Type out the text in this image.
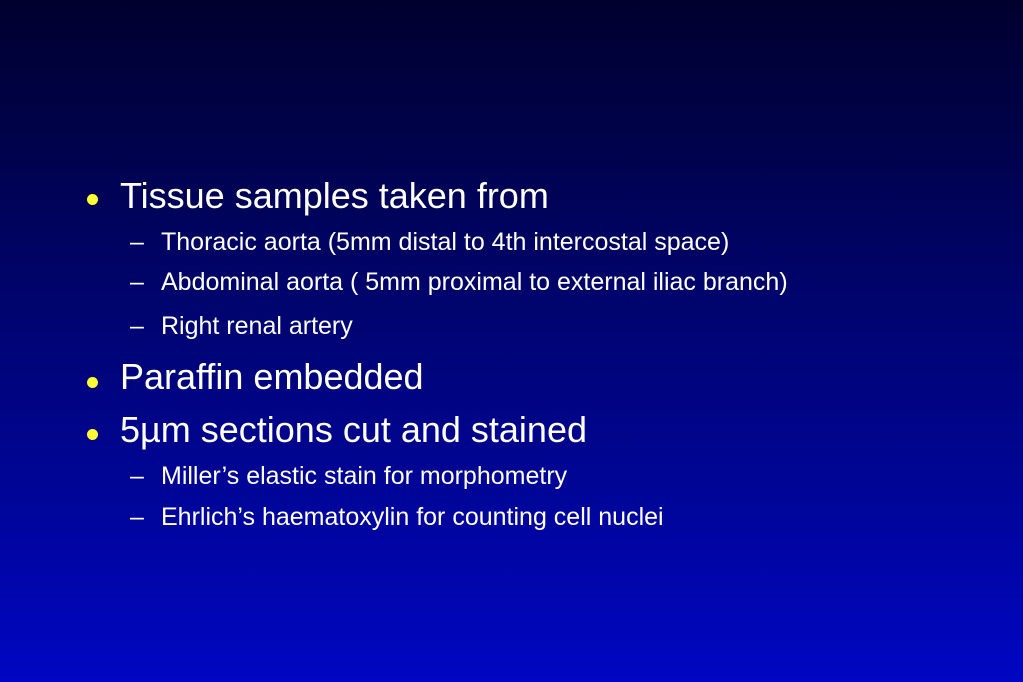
Tissue samples taken from
– Thoracic aorta (5mm distal to 4th intercostal space)
– Abdominal aorta ( 5mm proximal to external iliac branch)
– Right renal artery
Paraffin embedded
5µm sections cut and stained
– Miller’s elastic stain for morphometry
– Ehrlich’s haematoxylin for counting cell nuclei
